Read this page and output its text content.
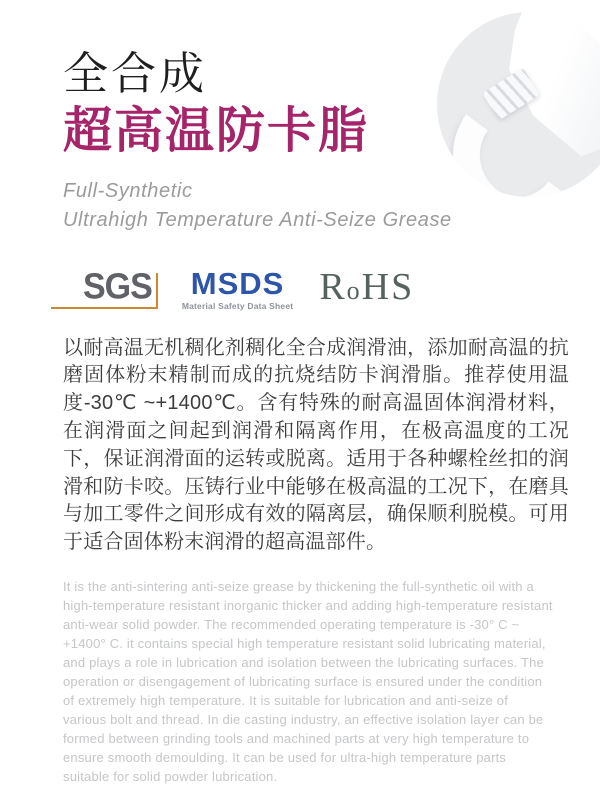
全合成
超高温防卡脂
Full-Synthetic
Ultrahigh Temperature Anti-Seize Grease
SGS MSDS
Material Safety Data Sheet RoHS

以耐高温无机稠化剂稠化全合成润滑油，添加耐高温的抗磨固体粉末精制而成的抗烧结防卡润滑脂。推荐使用温度-30℃ ~+1400℃。含有特殊的耐高温固体润滑材料，在润滑面之间起到润滑和隔离作用，在极高温度的工况下，保证润滑面的运转或脱离。适用于各种螺栓丝扣的润滑和防卡咬。压铸行业中能够在极高温的工况下，在磨具与加工零件之间形成有效的隔离层，确保顺利脱模。可用于适合固体粉末润滑的超高温部件。

It is the anti-sintering anti-seize grease by thickening the full-synthetic oil with a high-temperature resistant inorganic thicker and adding high-temperature resistant anti-wear solid powder. The recommended operating temperature is -30° C ~ +1400° C. it contains special high temperature resistant solid lubricating material, and plays a role in lubrication and isolation between the lubricating surfaces. The operation or disengagement of lubricating surface is ensured under the condition of extremely high temperature. It is suitable for lubrication and anti-seize of various bolt and thread. In die casting industry, an effective isolation layer can be formed between grinding tools and machined parts at very high temperature to ensure smooth demoulding. It can be used for ultra-high temperature parts suitable for solid powder lubrication.
